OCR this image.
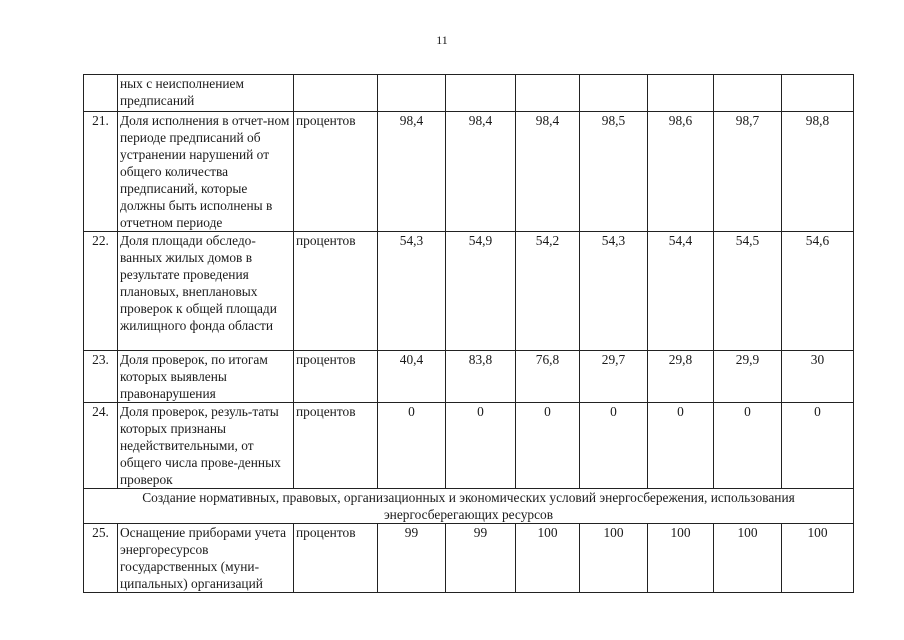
11
	ных с неисполнением предписаний								
21.	Доля исполнения в отчет-ном периоде предписаний об устранении нарушений от общего количества предписаний, которые должны быть исполнены в отчетном периоде	процентов	98,4	98,4	98,4	98,5	98,6	98,7	98,8
22.	Доля площади обследо-ванных жилых домов в результате проведения плановых, внеплановых проверок к общей площади жилищного фонда области	процентов	54,3	54,9	54,2	54,3	54,4	54,5	54,6
23.	Доля проверок, по итогам которых выявлены правонарушения	процентов	40,4	83,8	76,8	29,7	29,8	29,9	30
24.	Доля проверок, резуль-таты которых признаны недействительными, от общего числа прове-денных проверок	процентов	0	0	0	0	0	0	0
Создание нормативных, правовых, организационных и экономических условий энергосбережения, использования энергосберегающих ресурсов									
25.	Оснащение приборами учета энергоресурсов государственных (муни-ципальных) организаций	процентов	99	99	100	100	100	100	100
